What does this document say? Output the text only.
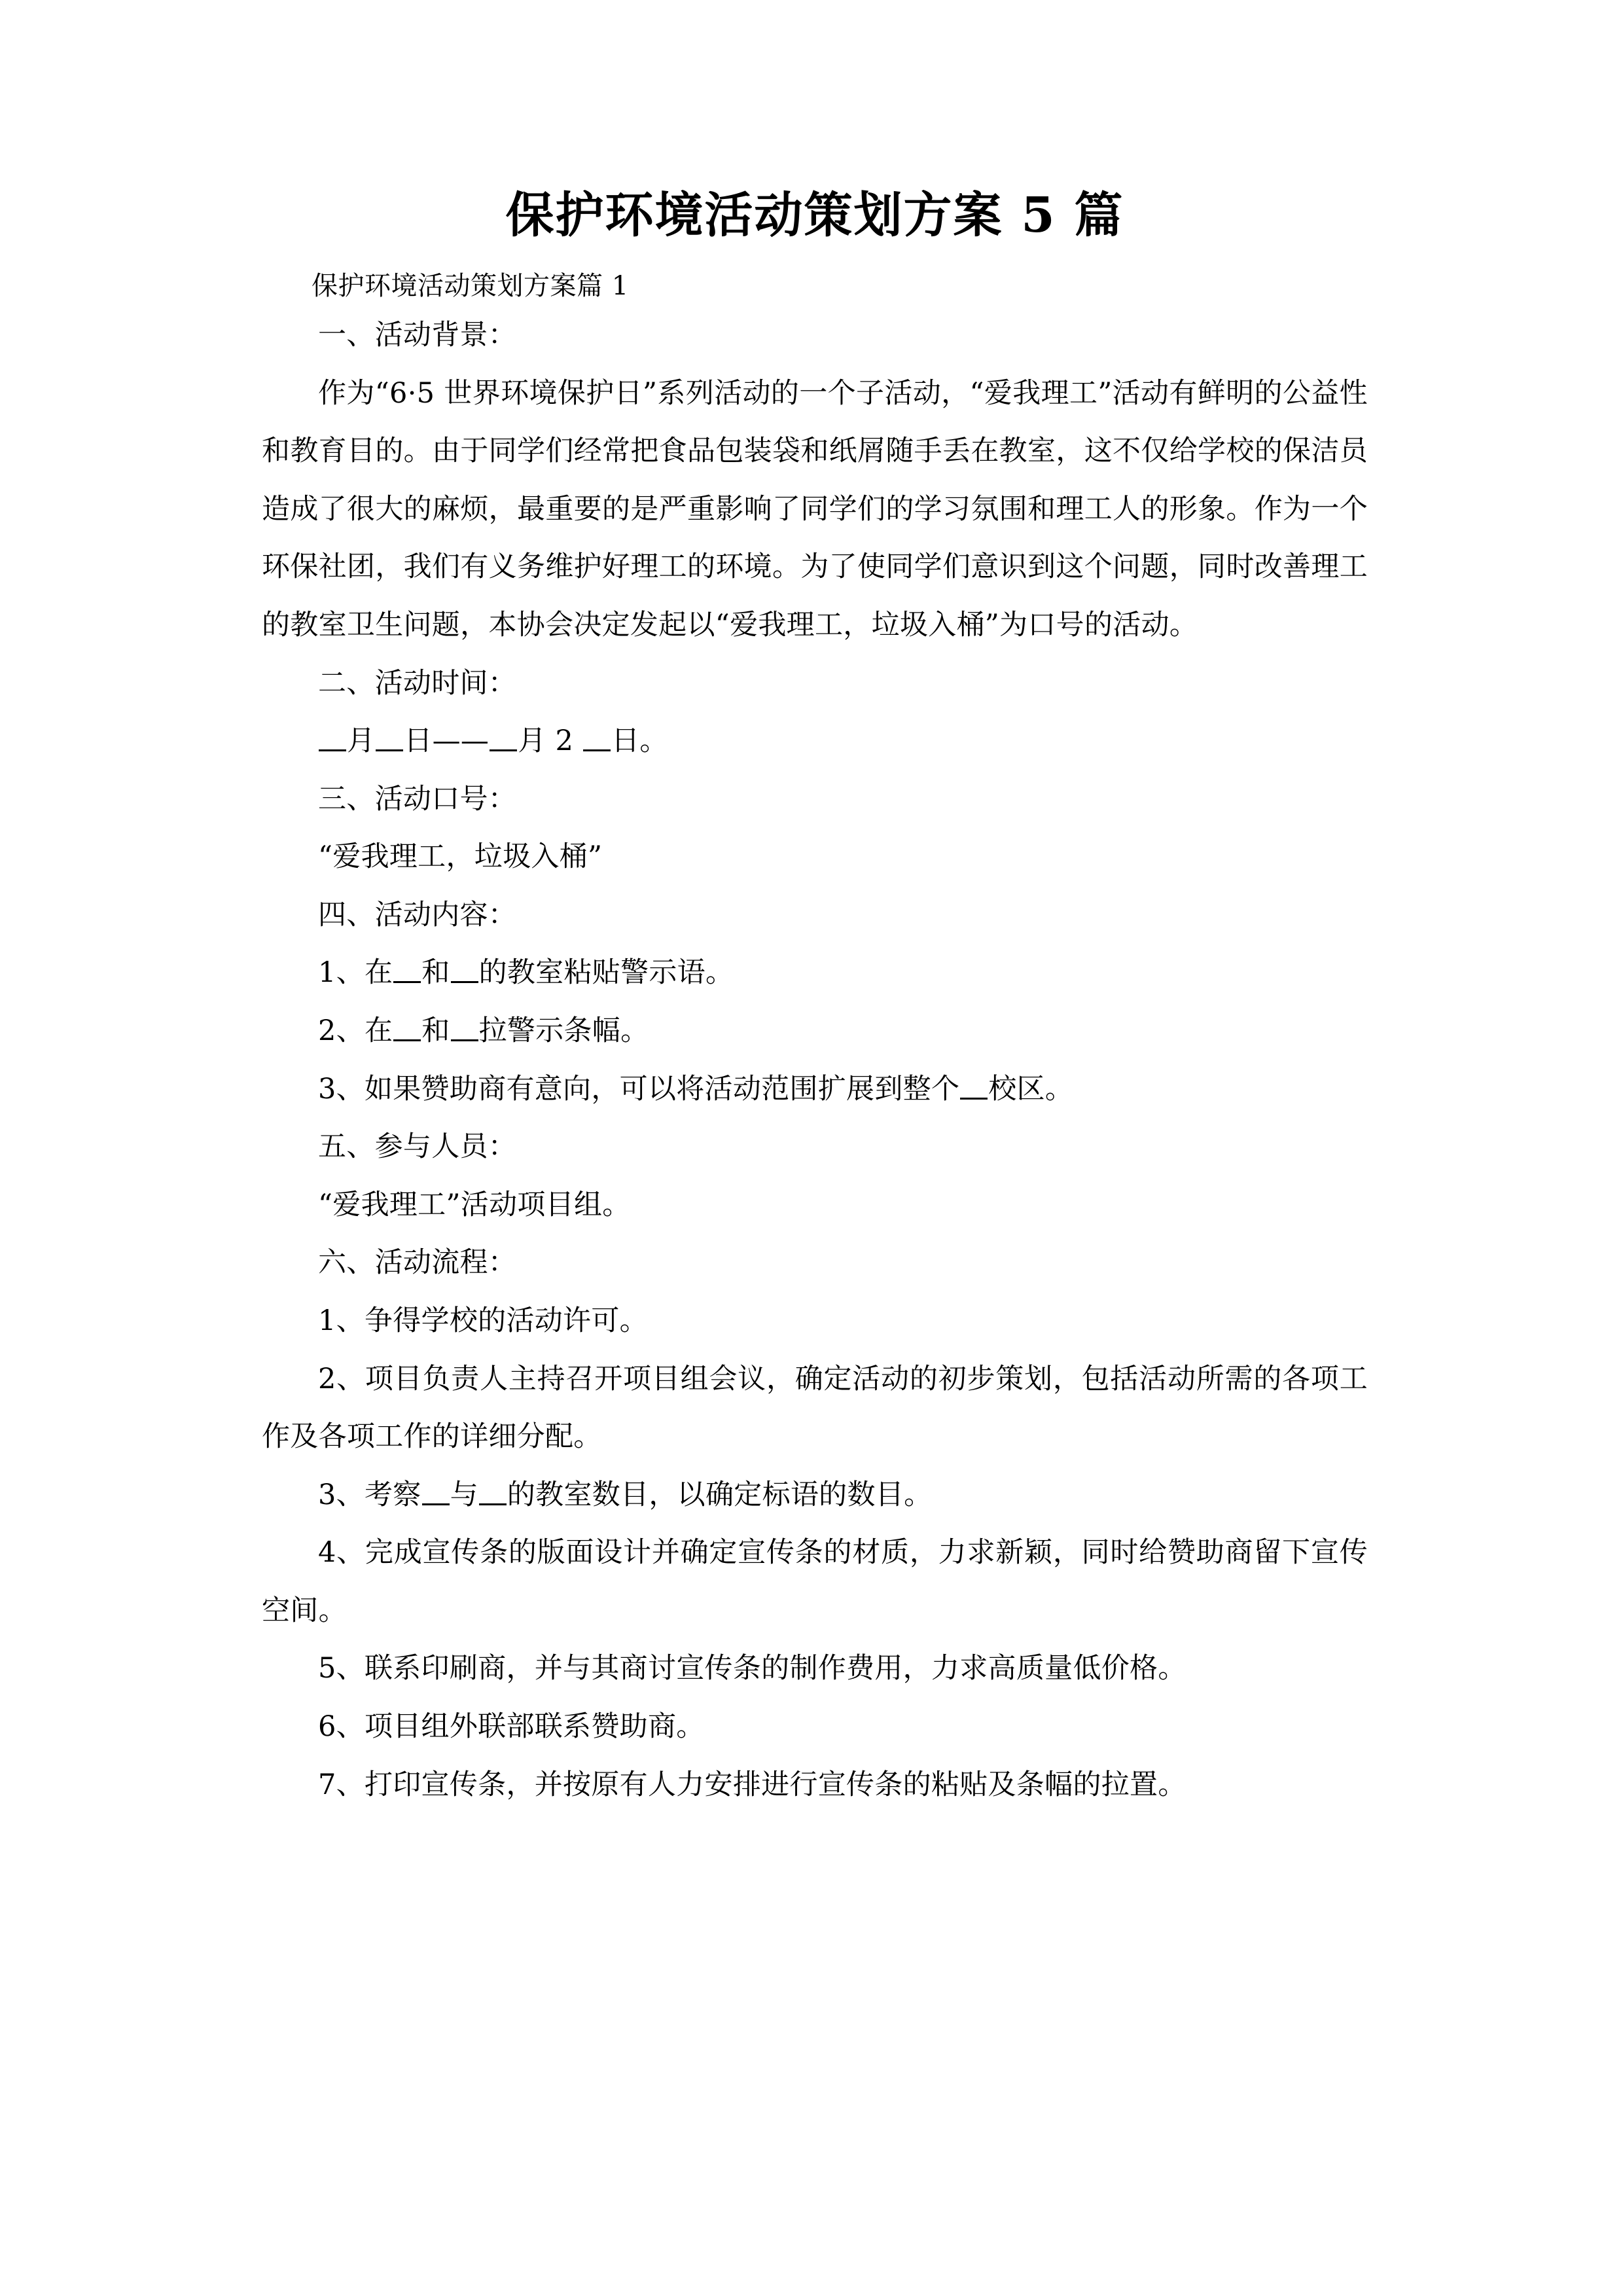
保护环境活动策划方案 5 篇

保护环境活动策划方案篇 1

一、活动背景：

作为“6·5 世界环境保护日”系列活动的一个子活动，“爱我理工”活动有鲜明的公益性和教育目的。由于同学们经常把食品包装袋和纸屑随手丢在教室，这不仅给学校的保洁员造成了很大的麻烦，最重要的是严重影响了同学们的学习氛围和理工人的形象。作为一个环保社团，我们有义务维护好理工的环境。为了使同学们意识到这个问题，同时改善理工的教室卫生问题，本协会决定发起以“爱我理工，垃圾入桶”为口号的活动。

二、活动时间：

月 日—— 月 2 日。

三、活动口号：

“爱我理工，垃圾入桶”

四、活动内容：

1、在 和 的教室粘贴警示语。

2、在 和 拉警示条幅。

3、如果赞助商有意向，可以将活动范围扩展到整个 校区。

五、参与人员：

“爱我理工”活动项目组。

六、活动流程：

1、争得学校的活动许可。

2、项目负责人主持召开项目组会议，确定活动的初步策划，包括活动所需的各项工作及各项工作的详细分配。

3、考察 与 的教室数目，以确定标语的数目。

4、完成宣传条的版面设计并确定宣传条的材质，力求新颖，同时给赞助商留下宣传空间。

5、联系印刷商，并与其商讨宣传条的制作费用，力求高质量低价格。

6、项目组外联部联系赞助商。

7、打印宣传条，并按原有人力安排进行宣传条的粘贴及条幅的拉置。
